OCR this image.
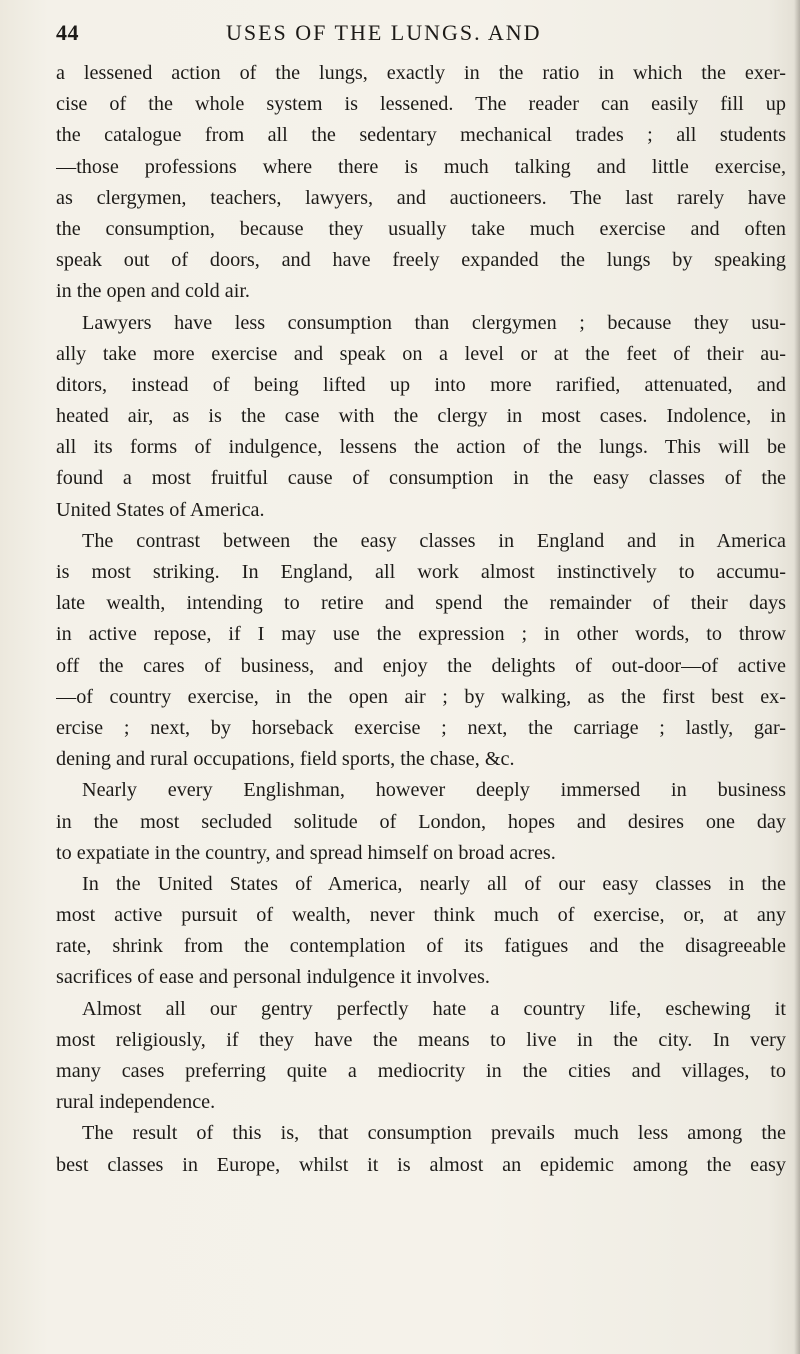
44	USES OF THE LUNGS. AND
a lessened action of the lungs, exactly in the ratio in which the exer-
cise of the whole system is lessened. The reader can easily fill up
the catalogue from all the sedentary mechanical trades ; all students
—those professions where there is much talking and little exercise,
as clergymen, teachers, lawyers, and auctioneers. The last rarely have
the consumption, because they usually take much exercise and often
speak out of doors, and have freely expanded the lungs by speaking
in the open and cold air.
Lawyers have less consumption than clergymen ; because they usu-
ally take more exercise and speak on a level or at the feet of their au-
ditors, instead of being lifted up into more rarified, attenuated, and
heated air, as is the case with the clergy in most cases. Indolence, in
all its forms of indulgence, lessens the action of the lungs. This will be
found a most fruitful cause of consumption in the easy classes of the
United States of America.
The contrast between the easy classes in England and in America
is most striking. In England, all work almost instinctively to accumu-
late wealth, intending to retire and spend the remainder of their days
in active repose, if I may use the expression ; in other words, to throw
off the cares of business, and enjoy the delights of out-door—of active
—of country exercise, in the open air ; by walking, as the first best ex-
ercise ; next, by horseback exercise ; next, the carriage ; lastly, gar-
dening and rural occupations, field sports, the chase, &c.
Nearly every Englishman, however deeply immersed in business
in the most secluded solitude of London, hopes and desires one day
to expatiate in the country, and spread himself on broad acres.
In the United States of America, nearly all of our easy classes in the
most active pursuit of wealth, never think much of exercise, or, at any
rate, shrink from the contemplation of its fatigues and the disagreeable
sacrifices of ease and personal indulgence it involves.
Almost all our gentry perfectly hate a country life, eschewing it
most religiously, if they have the means to live in the city. In very
many cases preferring quite a mediocrity in the cities and villages, to
rural independence.
The result of this is, that consumption prevails much less among the
best classes in Europe, whilst it is almost an epidemic among the easy
